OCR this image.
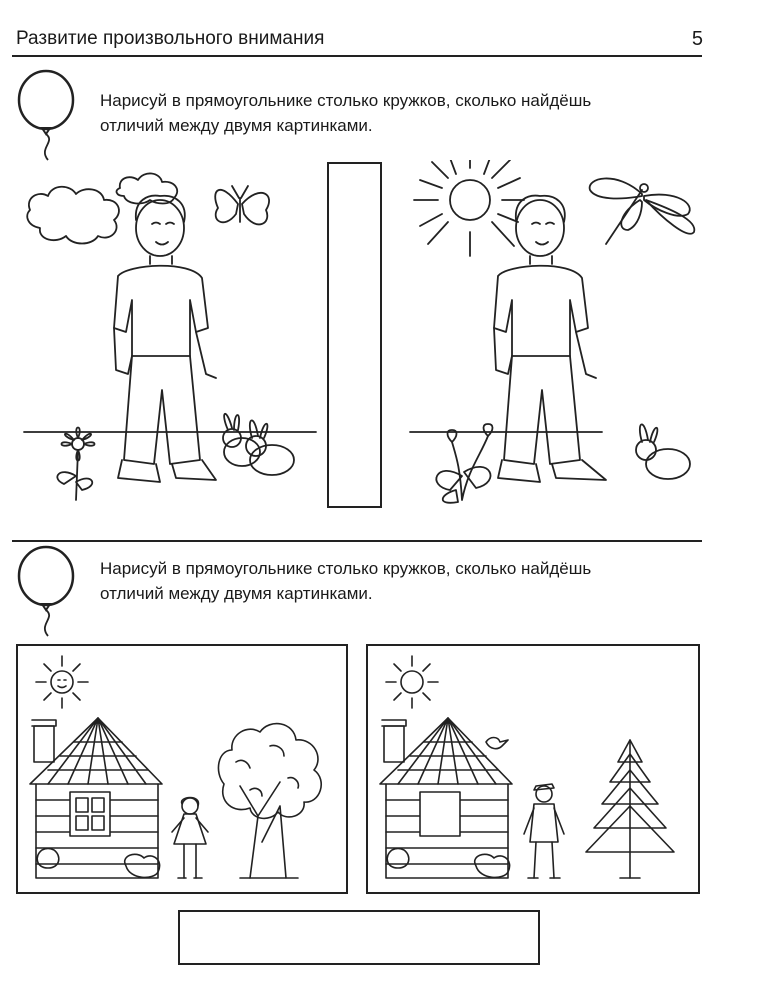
Развитие произвольного внимания	5
Нарисуй в прямоугольнике столько кружков, сколько найдёшь
отличий между двумя картинками.
Нарисуй в прямоугольнике столько кружков, сколько найдёшь
отличий между двумя картинками.
